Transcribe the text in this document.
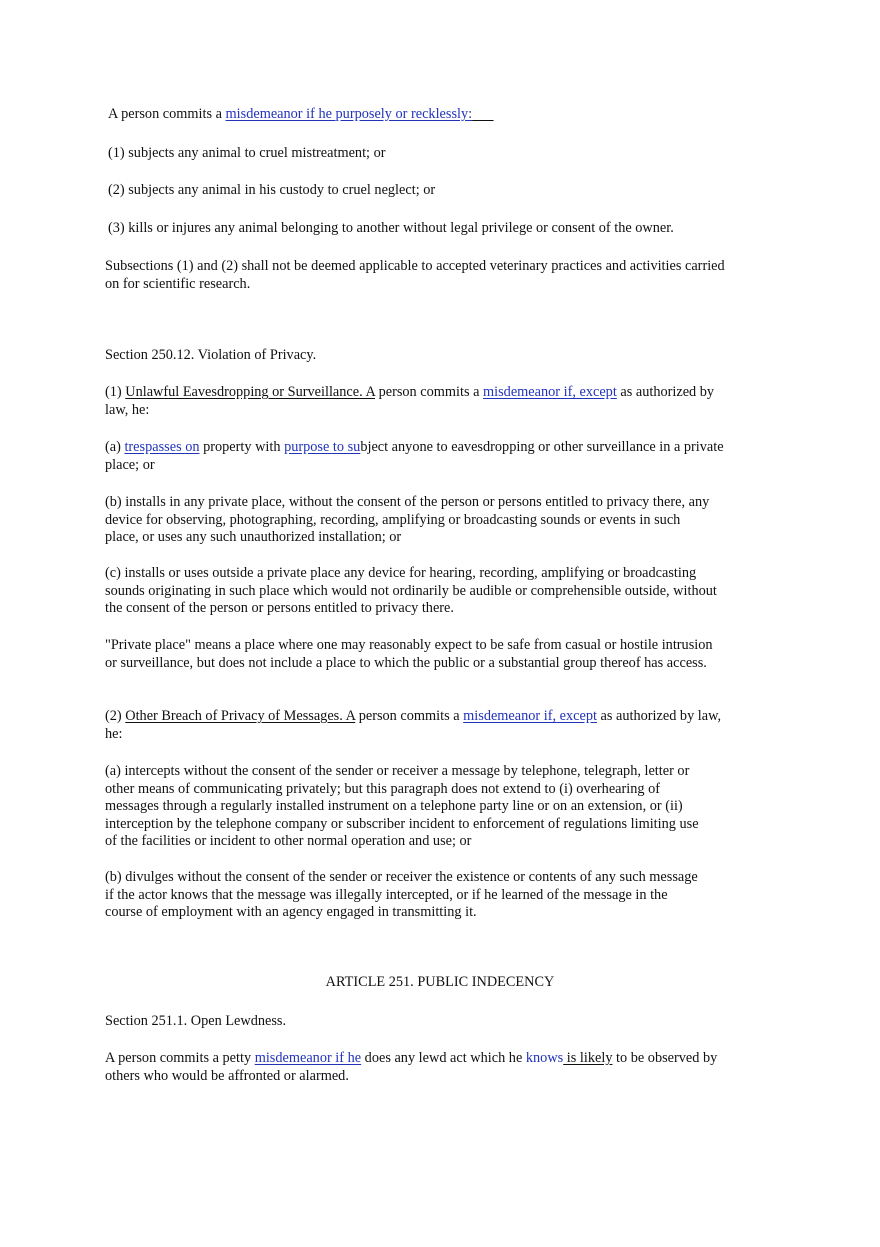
A person commits a misdemeanor if he purposely or recklessly:

(1) subjects any animal to cruel mistreatment; or

(2) subjects any animal in his custody to cruel neglect; or

(3) kills or injures any animal belonging to another without legal privilege or consent of the owner.

Subsections (1) and (2) shall not be deemed applicable to accepted veterinary practices and activities carried on for scientific research.

Section 250.12. Violation of Privacy.

(1) Unlawful Eavesdropping or Surveillance. A person commits a misdemeanor if, except as authorized by law, he:

(a) trespasses on property with purpose to subject anyone to eavesdropping or other surveillance in a private place; or

(b) installs in any private place, without the consent of the person or persons entitled to privacy there, any device for observing, photographing, recording, amplifying or broadcasting sounds or events in such place, or uses any such unauthorized installation; or

(c) installs or uses outside a private place any device for hearing, recording, amplifying or broadcasting sounds originating in such place which would not ordinarily be audible or comprehensible outside, without the consent of the person or persons entitled to privacy there.

"Private place" means a place where one may reasonably expect to be safe from casual or hostile intrusion or surveillance, but does not include a place to which the public or a substantial group thereof has access.

(2) Other Breach of Privacy of Messages. A person commits a misdemeanor if, except as authorized by law, he:

(a) intercepts without the consent of the sender or receiver a message by telephone, telegraph, letter or other means of communicating privately; but this paragraph does not extend to (i) overhearing of messages through a regularly installed instrument on a telephone party line or on an extension, or (ii) interception by the telephone company or subscriber incident to enforcement of regulations limiting use of the facilities or incident to other normal operation and use; or

(b) divulges without the consent of the sender or receiver the existence or contents of any such message if the actor knows that the message was illegally intercepted, or if he learned of the message in the course of employment with an agency engaged in transmitting it.

ARTICLE 251. PUBLIC INDECENCY

Section 251.1. Open Lewdness.

A person commits a petty misdemeanor if he does any lewd act which he knows is likely to be observed by others who would be affronted or alarmed.
